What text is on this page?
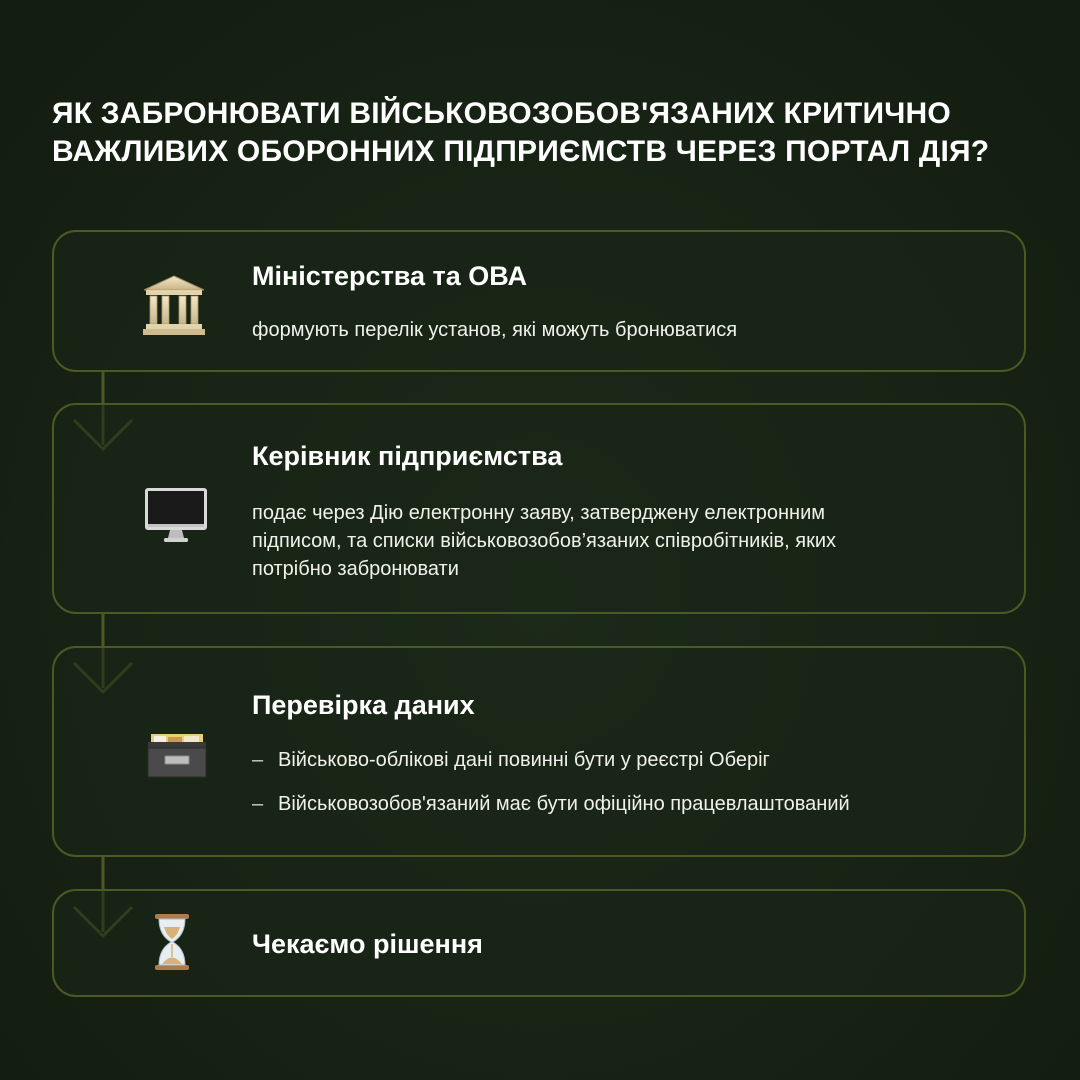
ЯК ЗАБРОНЮВАТИ ВІЙСЬКОВОЗОБОВ'ЯЗАНИХ КРИТИЧНО
ВАЖЛИВИХ ОБОРОННИХ ПІДПРИЄМСТВ ЧЕРЕЗ ПОРТАЛ ДІЯ?
Міністерства та ОВА
формують перелік установ, які можуть бронюватися
Керівник підприємства
подає через Дію електронну заяву, затверджену електронним
підписом, та списки військовозобов’язаних співробітників, яких
потрібно забронювати
Перевірка даних
– Військово-облікові дані повинні бути у реєстрі Оберіг
– Військовозобов'язаний має бути офіційно працевлаштований
Чекаємо рішення
